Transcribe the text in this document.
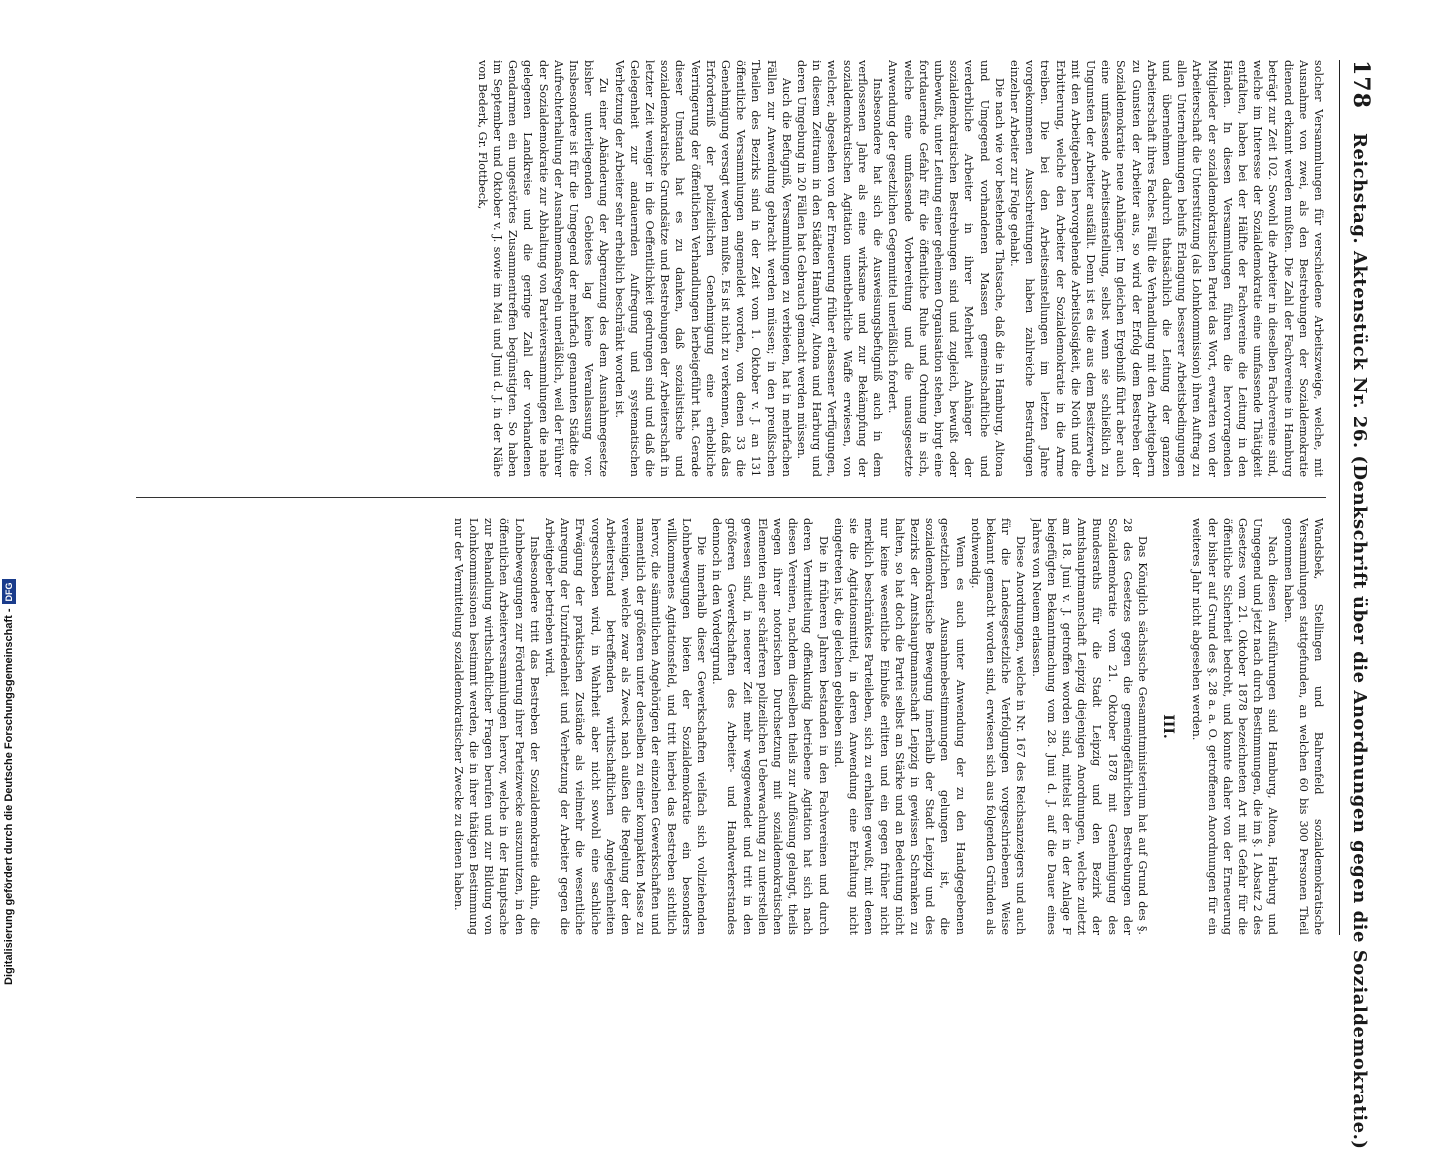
Digitalisierung gefördert durch die Deutsche Forschungsgemeinschaft -
DFG
178
Reichstag. Aktenstück Nr. 26. (Denkschrift über die Anordnungen gegen die Sozialdemokratie.)

solcher Versammlungen für verschiedene Arbeitszweige, welche, mit Ausnahme von zwei, als den Bestrebungen der Sozialdemokratie dienend erkannt werden mußten. Die Zahl der Fachvereine in Hamburg beträgt zur Zeit 102. Sowohl die Arbeiter in dieselben Fachvereine sind, welche im Interesse der Sozialdemokratie eine umfassende Thätigkeit entfalten, haben bei der Hälfte der Fachvereine die Leitung in den Händen. In diesen Versammlungen führen die hervorragenden Mitglieder der sozialdemokratischen Partei das Wort, erwarten von der Arbeiterschaft die Unterstützung (als Lohnkommission) ihren Auftrag zu allen Unternehmungen behufs Erlangung besserer Arbeitsbedingungen und übernehmen dadurch thatsächlich die Leitung der ganzen Arbeiterschaft ihres Faches. Fällt die Verhandlung mit den Arbeitgebern zu Gunsten der Arbeiter aus, so wird der Erfolg dem Bestreben der Sozialdemokratie neue Anhänger. Im gleichen Ergebniß führt aber auch eine umfassende Arbeitseinstellung, selbst wenn sie schließlich zu Ungunsten der Arbeiter ausfällt. Denn ist es die aus dem Besitzerwerb mit den Arbeitgebern hervorgehende Arbeitslosigkeit, die Noth und die Erbitterung, welche den Arbeiter der Sozialdemokratie in die Arme treiben. Die bei den Arbeitseinstellungen im letzten Jahre vorgekommenen Ausschreitungen haben zahlreiche Bestrafungen einzelner Arbeiter zur Folge gehabt.

Die nach wie vor bestehende Thatsache, daß die in Hamburg, Altona und Umgegend vorhandenen Massen gemeinschaftliche und verderbliche Arbeiter in ihrer Mehrheit Anhänger der sozialdemokratischen Bestrebungen sind und zugleich, bewußt oder unbewußt, unter Leitung einer geheimen Organisation stehen, birgt eine fortdauernde Gefahr für die öffentliche Ruhe und Ordnung in sich, welche eine umfassende Vorbereitung und die unausgesetzte Anwendung der gesetzlichen Gegenmittel unerläßlich fordert.

Insbesondere hat sich die Ausweisungsbefugniß auch in dem verflossenen Jahre als eine wirksame und zur Bekämpfung der sozialdemokratischen Agitation unentbehrliche Waffe erwiesen, von welcher, abgesehen von der Erneuerung früher erlassener Verfügungen, in diesem Zeitraum in den Städten Hamburg, Altona und Harburg und deren Umgebung in 20 Fällen hat Gebrauch gemacht werden müssen.

Auch die Befugniß, Versammlungen zu verbieten, hat in mehrfachen Fällen zur Anwendung gebracht werden müssen; in den preußischen Theilen des Bezirks sind in der Zeit vom 1. Oktober v. J. an 131 öffentliche Versammlungen angemeldet worden, von denen 33 die Genehmigung versagt werden mußte. Es ist nicht zu verkennen, daß das Erforderniß der polizeilichen Genehmigung eine erhebliche Verringerung der öffentlichen Verhandlungen herbeigeführt hat. Gerade dieser Umstand hat es zu danken, daß sozialistische und sozialdemokratische Grundsätze und Bestrebungen der Arbeiterschaft in letzter Zeit weniger in die Oeffentlichkeit gedrungen sind und daß die Gelegenheit zur andauernden Aufregung und systematischen Verhetzung der Arbeiter sehr erheblich beschränkt worden ist.

Zu einer Abänderung der Abgrenzung des dem Ausnahmegesetze bisher unterliegenden Gebietes lag keine Veranlassung vor. Insbesondere ist für die Umgegend der mehrfach genannten Städte die Aufrechterhaltung der Ausnahmemaßregeln unerläßlich, weil der Führer der Sozialdemokratie zur Abhaltung von Parteiversammlungen die nahe gelegenen Landkreise und die geringe Zahl der vorhandenen Gendarmen ein ungestörtes Zusammentreffen begünstigten. So haben im September und Oktober v. J. sowie im Mai und Juni d. J. in der Nähe von Bederk, Gr. Flottbeck,

Wandsbek, Stellingen und Bahrenfeld sozialdemokratische Versammlungen stattgefunden, an welchen 60 bis 300 Personen Theil genommen haben.

Nach diesen Ausführungen sind Hamburg, Altona, Harburg und Umgegend und jetzt nach durch Bestimmungen, die im §. 1 Absatz 2 des Gesetzes vom 21. Oktober 1878 bezeichneten Art mit Gefahr für die öffentliche Sicherheit bedroht, und konnte daher von der Erneuerung der bisher auf Grund des §. 28 a. a. O. getroffenen Anordnungen für ein weiteres Jahr nicht abgesehen werden.

III.

Das Königlich sächsische Gesammtministerium hat auf Grund des §. 28 des Gesetzes gegen die gemeingefährlichen Bestrebungen der Sozialdemokratie vom 21. Oktober 1878 mit Genehmigung des Bundesraths für die Stadt Leipzig und den Bezirk der Amtshauptmannschaft Leipzig diejenigen Anordnungen, welche zuletzt am 18. Juni v. J. getroffen worden sind, mittelst der in der Anlage F beigefügten Bekanntmachung vom 28. Juni d. J. auf die Dauer eines Jahres von Neuem erlassen.

Diese Anordnungen, welche in Nr. 167 des Reichsanzeigers und auch für die Landesgesetzliche Verfolgungen vorgeschriebenen Weise bekannt gemacht worden sind, erwiesen sich aus folgenden Gründen als nothwendig.

Wenn es auch unter Anwendung der zu den Handgegebenen gesetzlichen Ausnahmebestimmungen gelungen ist, die sozialdemokratische Bewegung innerhalb der Stadt Leipzig und des Bezirks der Amtshauptmannschaft Leipzig in gewissen Schranken zu halten, so hat doch die Partei selbst an Stärke und an Bedeutung nicht nur keine wesentliche Einbuße erlitten und ein gegen früher nicht merklich beschränktes Parteileben, sich zu erhalten gewußt, mit denen sie die Agitationsmittel, in deren Anwendung eine Erhaltung nicht eingetreten ist, die gleichen geblieben sind.

Die in früheren Jahren bestanden in den Fachvereinen und durch deren Vermittelung offenkundig betriebene Agitation hat sich nach diesen Vereinen, nachdem dieselben theils zur Auflösung gelangt, theils wegen ihrer notorischen Durchsetzung mit sozialdemokratischen Elementen einer schärferen polizeilichen Ueberwachung zu unterstellen gewesen sind, in neuerer Zeit mehr weggewendet und tritt in den größeren Gewerkschaften des Arbeiter- und Handwerkerstandes dennoch in den Vordergrund.

Die innerhalb dieser Gewerkschaften vielfach sich vollziehenden Lohnbewegungen bieten der Sozialdemokratie ein besonders willkommenes Agitationsfeld, und tritt hierbei das Bestreben sichtlich hervor, die sämmtlichen Angehörigen der einzelnen Gewerkschaften und namentlich der größeren unter denselben zu einer kompakten Masse zu vereinigen, welche zwar als Zweck nach außen die Regelung der den Arbeiterstand betreffenden wirthschaftlichen Angelegenheiten vorgeschoben wird, in Wahrheit aber nicht sowohl eine sachliche Erwägung der praktischen Zustände als vielmehr die wesentliche Anregung der Unzufriedenheit und Verhetzung der Arbeiter gegen die Arbeitgeber betrieben wird.

Insbesondere tritt das Bestreben der Sozialdemokratie dahin, die Lohnbewegungen zur Förderung ihrer Parteizwecke auszunutzen, in den öffentlichen Arbeiterversammlungen hervor, welche in der Hauptsache zur Behandlung wirthschaftlicher Fragen berufen und zur Bildung von Lohnkommissionen bestimmt werden, die in ihrer thätigen Bestimmung nur der Vermittelung sozialdemokratischer Zwecke zu dienen haben.
